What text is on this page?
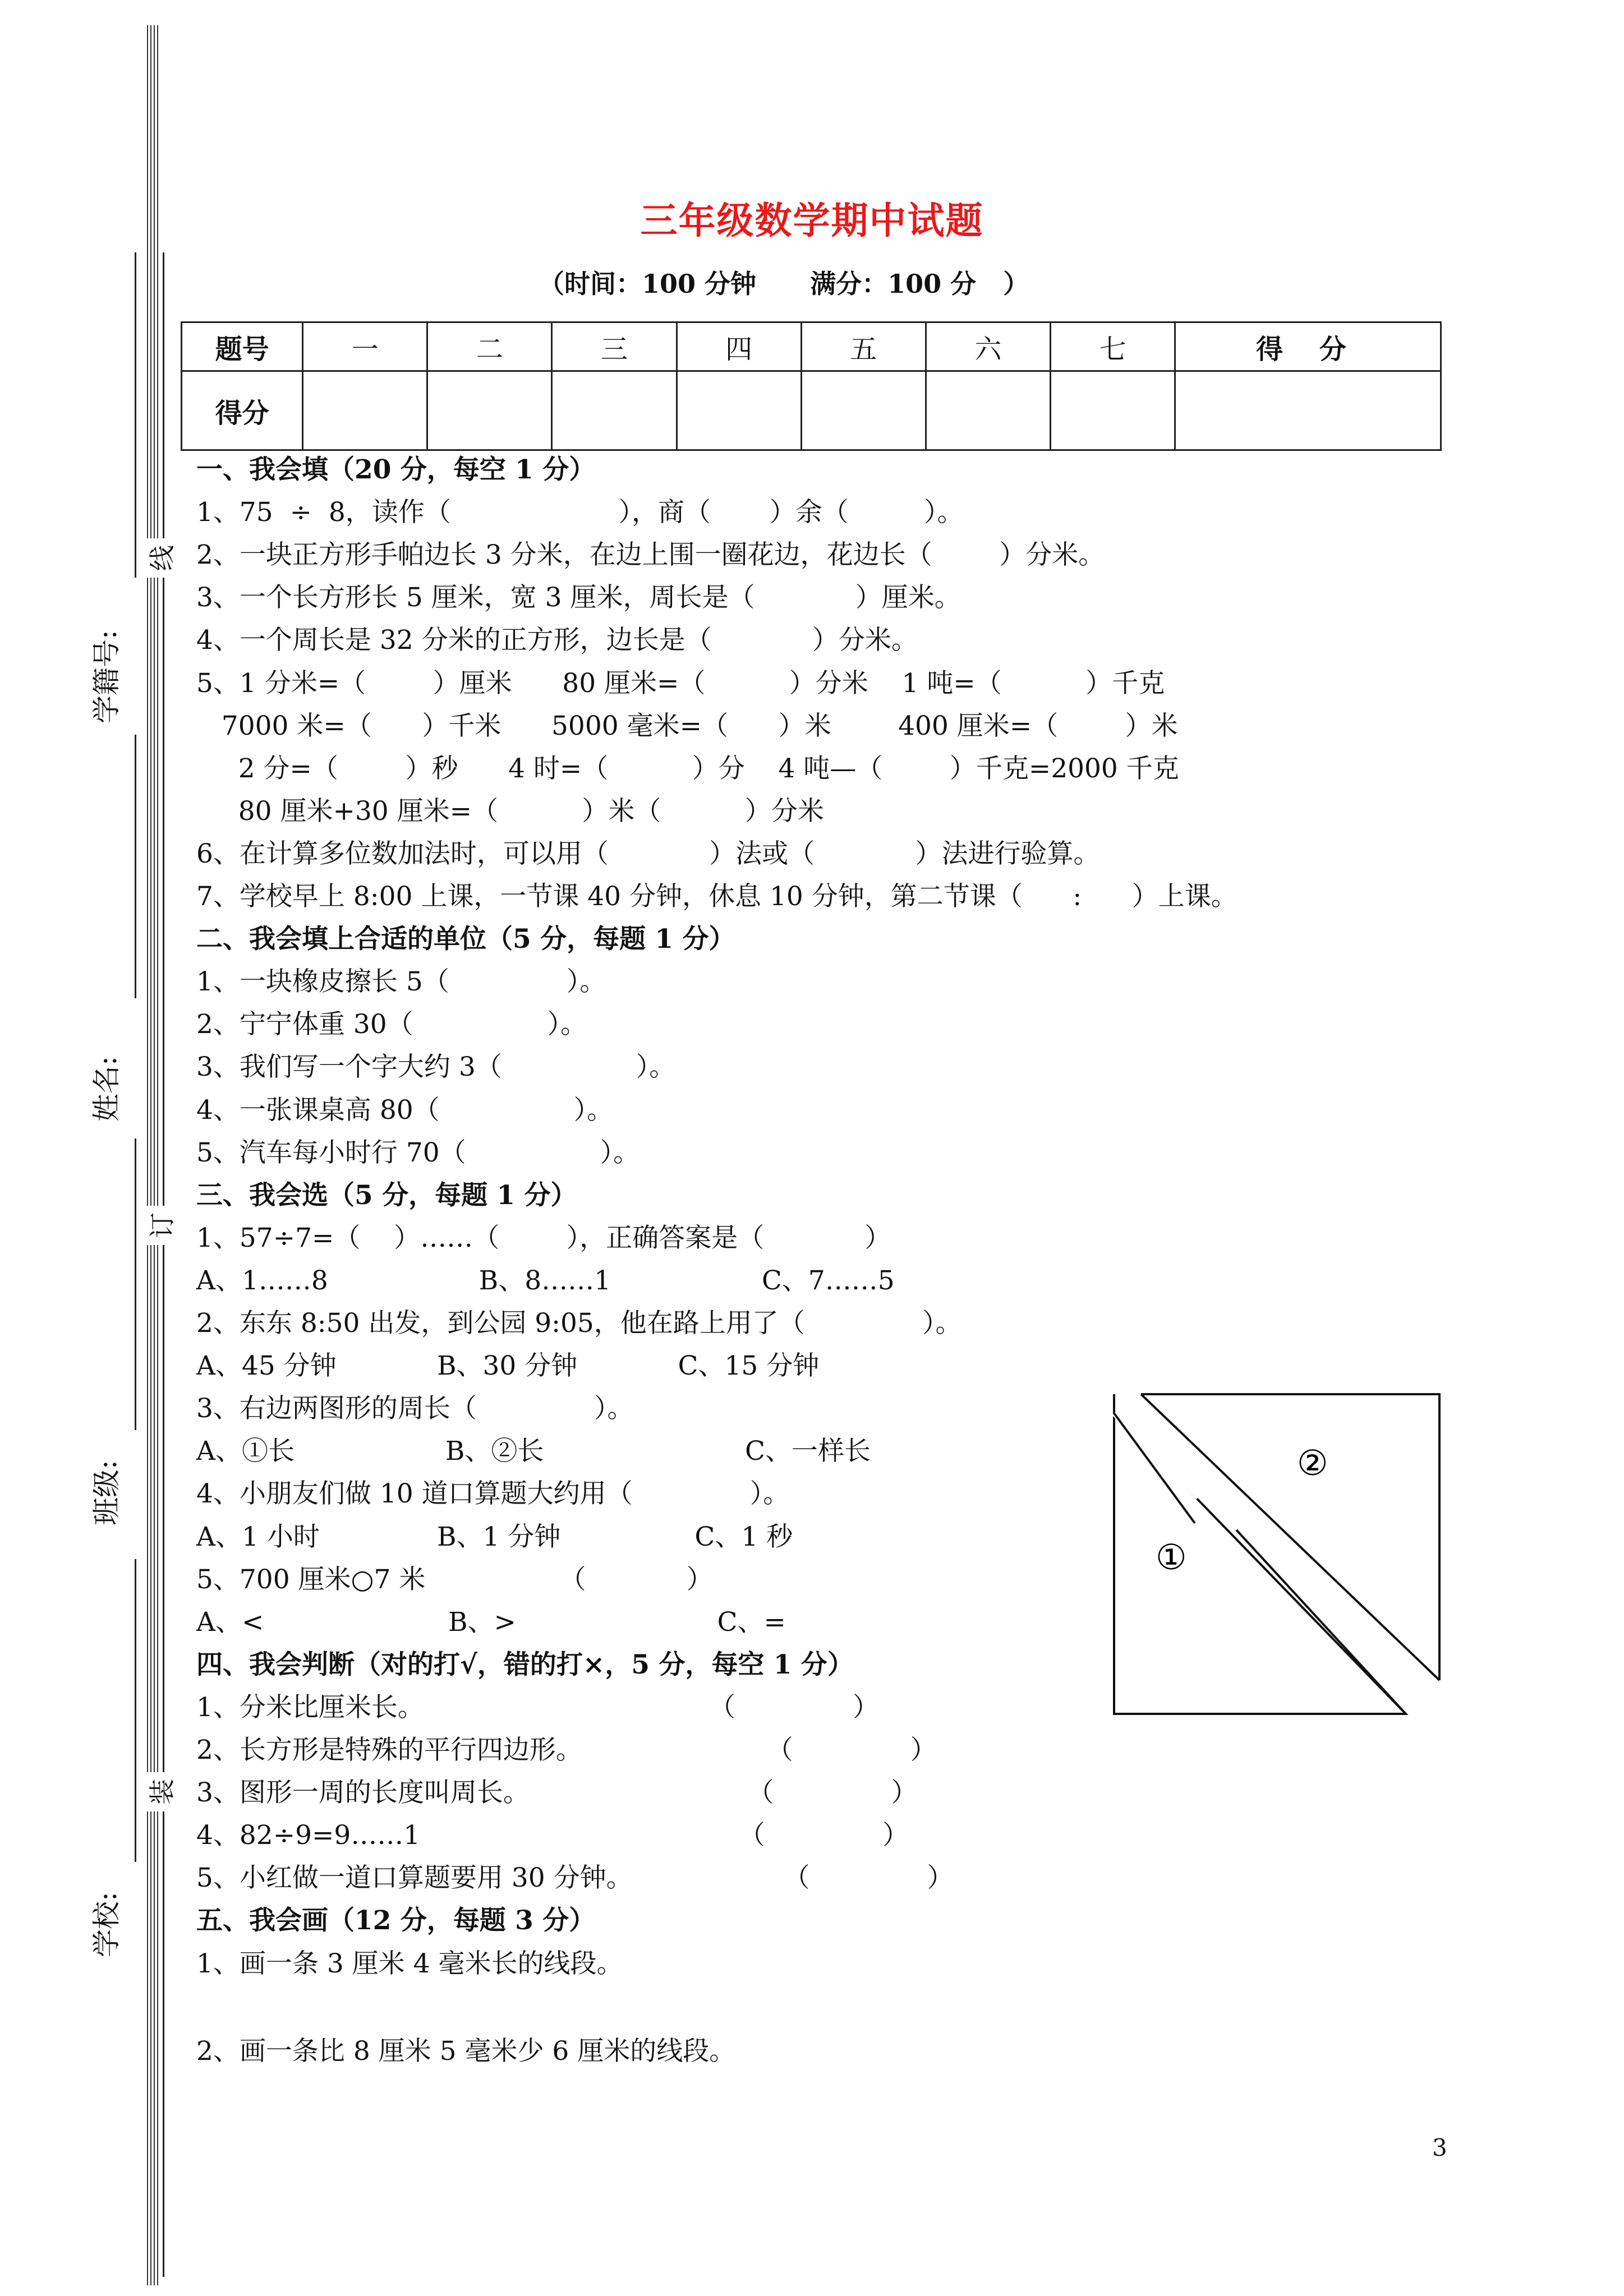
线
订
装
学籍号:
姓名:
班级:
学校:
三年级数学期中试题
（时间：100 分钟      满分：100 分   ）
题号	一	二	三	四	五	六	七	得 分
得分								
一、我会填（20 分，每空 1 分）
1、75  ÷  8，读作（                    ），商（       ）余（         ）。
2、一块正方形手帕边长 3 分米，在边上围一圈花边，花边长（        ）分米。
3、一个长方形长 5 厘米，宽 3 厘米，周长是（            ）厘米。
4、一个周长是 32 分米的正方形，边长是（            ）分米。
5、1 分米=（        ）厘米      80 厘米=（          ）分米    1 吨=（          ）千克
7000 米=（      ）千米      5000 毫米=（      ）米        400 厘米=（        ）米
2 分=（        ）秒      4 时=（          ）分    4 吨—（        ）千克=2000 千克
80 厘米+30 厘米=（          ）米（          ）分米
6、在计算多位数加法时，可以用（            ）法或（            ）法进行验算。
7、学校早上 8:00 上课，一节课 40 分钟，休息 10 分钟，第二节课（      :      ）上课。
二、我会填上合适的单位（5 分，每题 1 分）
1、一块橡皮擦长 5（              ）。
2、宁宁体重 30（                ）。
3、我们写一个字大约 3（                ）。
4、一张课桌高 80（                ）。
5、汽车每小时行 70（                ）。
三、我会选（5 分，每题 1 分）
1、57÷7=（    ）……（        ），正确答案是（            ）
A、1……8                  B、8……1                  C、7……5
2、东东 8:50 出发，到公园 9:05，他在路上用了（              ）。
A、45 分钟            B、30 分钟            C、15 分钟
3、右边两图形的周长（              ）。
A、①长                  B、②长                        C、一样长
4、小朋友们做 10 道口算题大约用（              ）。
A、1 小时              B、1 分钟                C、1 秒
5、700 厘米○7 米                （            ）
A、<                      B、>                        C、=
四、我会判断（对的打√，错的打×，5 分，每空 1 分）
1、分米比厘米长。                                  （              ）
2、长方形是特殊的平行四边形。                      （              ）
3、图形一周的长度叫周长。                          （              ）
4、82÷9=9……1                                      （              ）
5、小红做一道口算题要用 30 分钟。                  （              ）
五、我会画（12 分，每题 3 分）
1、画一条 3 厘米 4 毫米长的线段。
2、画一条比 8 厘米 5 毫米少 6 厘米的线段。
①
②
3
